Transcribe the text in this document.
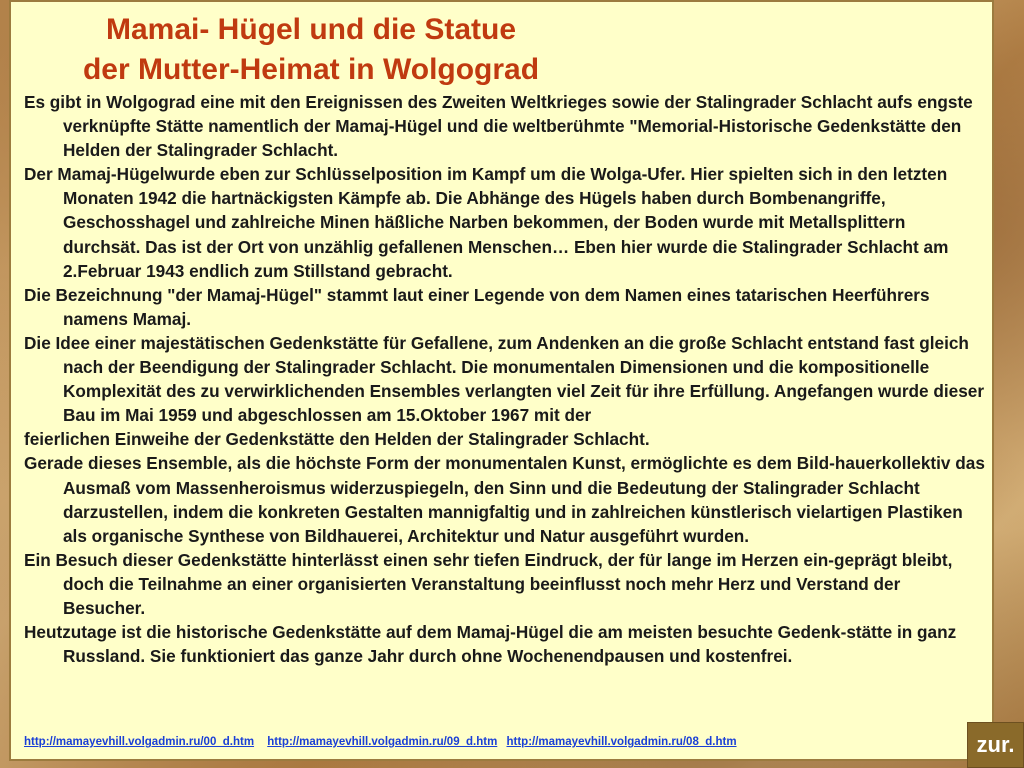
Mamai- Hügel und die Statue
der Mutter-Heimat in Wolgograd

Es gibt in Wolgograd eine mit den Ereignissen des Zweiten Weltkrieges sowie der Stalingrader Schlacht aufs engste verknüpfte Stätte namentlich der Mamaj-Hügel und die weltberühmte "Memorial-Historische Gedenkstätte den Helden der Stalingrader Schlacht.

Der Mamaj-Hügelwurde eben zur Schlüsselposition im Kampf um die Wolga-Ufer. Hier spielten sich in den letzten Monaten 1942 die hartnäckigsten Kämpfe ab. Die Abhänge des Hügels haben durch Bombenangriffe, Geschosshagel und zahlreiche Minen häßliche Narben bekommen, der Boden wurde mit Metallsplittern durchsät. Das ist der Ort von unzählig gefallenen Menschen… Eben hier wurde die Stalingrader Schlacht am 2.Februar 1943 endlich zum Stillstand gebracht.

Die Bezeichnung "der Mamaj-Hügel" stammt laut einer Legende von dem Namen eines tatarischen Heerführers namens Mamaj.

Die Idee einer majestätischen Gedenkstätte für Gefallene, zum Andenken an die große Schlacht entstand fast gleich nach der Beendigung der Stalingrader Schlacht. Die monumentalen Dimensionen und die kompositionelle Komplexität des zu verwirklichenden Ensembles verlangten viel Zeit für ihre Erfüllung. Angefangen wurde dieser Bau im Mai 1959 und abgeschlossen am 15.Oktober 1967 mit der

feierlichen Einweihe der Gedenkstätte den Helden der Stalingrader Schlacht.

Gerade dieses Ensemble, als die höchste Form der monumentalen Kunst, ermöglichte es dem Bild-hauerkollektiv das Ausmaß vom Massenheroismus widerzuspiegeln, den Sinn und die Bedeutung der Stalingrader Schlacht darzustellen, indem die konkreten Gestalten mannigfaltig und in zahlreichen künstlerisch vielartigen Plastiken als organische Synthese von Bildhauerei, Architektur und Natur ausgeführt wurden.

Ein Besuch dieser Gedenkstätte hinterlässt einen sehr tiefen Eindruck, der für lange im Herzen ein-geprägt bleibt, doch die Teilnahme an einer organisierten Veranstaltung beeinflusst noch mehr Herz und Verstand der Besucher.

Heutzutage ist die historische Gedenkstätte auf dem Mamaj-Hügel die am meisten besuchte Gedenk-stätte in ganz Russland. Sie funktioniert das ganze Jahr durch ohne Wochenendpausen und kostenfrei.

http://mamayevhill.volgadmin.ru/00_d.htm http://mamayevhill.volgadmin.ru/09_d.htm http://mamayevhill.volgadmin.ru/08_d.htm	zur.
